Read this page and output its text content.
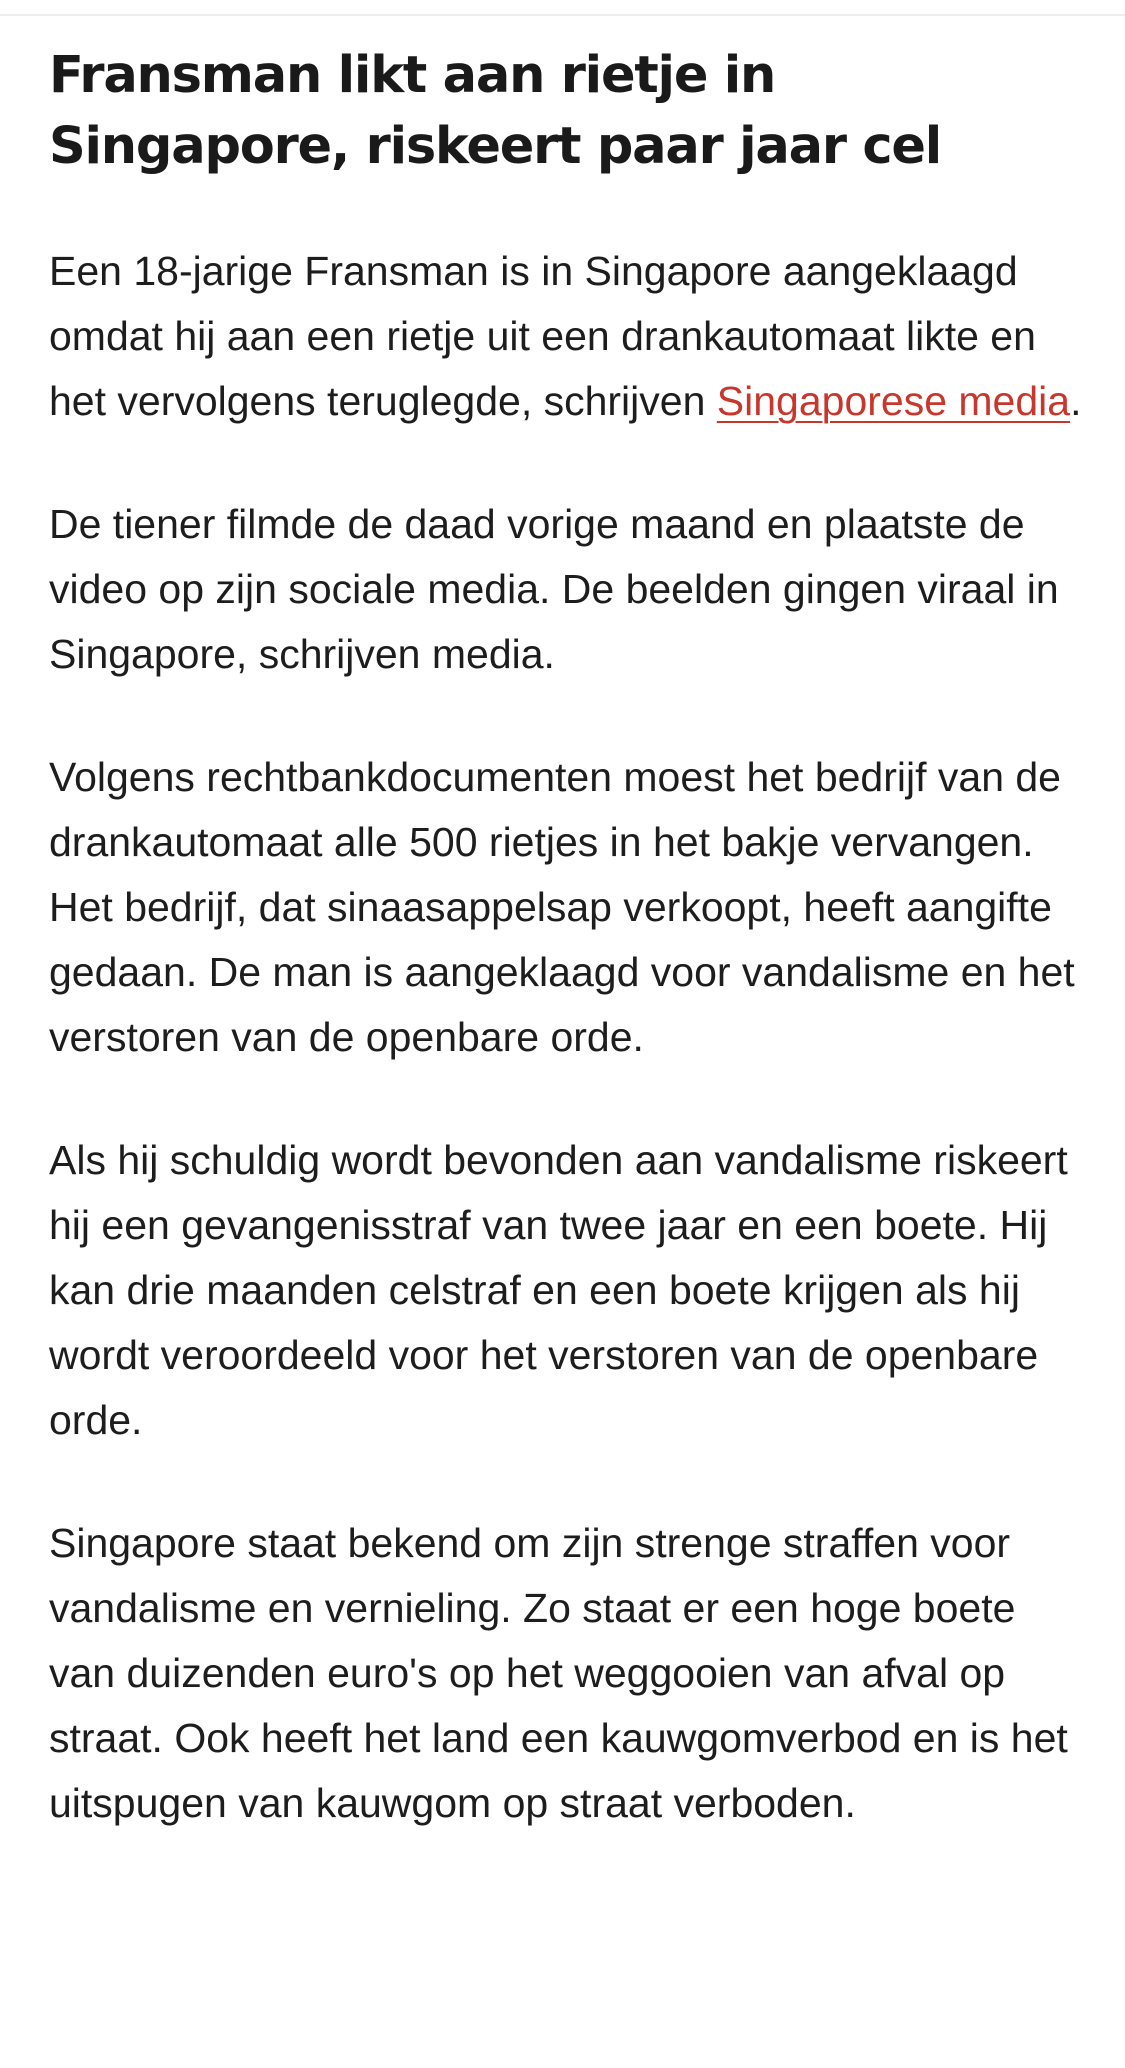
Fransman likt aan rietje in Singapore, riskeert paar jaar cel

Een 18-jarige Fransman is in Singapore aangeklaagd omdat hij aan een rietje uit een drankautomaat likte en het vervolgens teruglegde, schrijven Singaporese media.

De tiener filmde de daad vorige maand en plaatste de video op zijn sociale media. De beelden gingen viraal in Singapore, schrijven media.

Volgens rechtbankdocumenten moest het bedrijf van de drankautomaat alle 500 rietjes in het bakje vervangen. Het bedrijf, dat sinaasappelsap verkoopt, heeft aangifte gedaan. De man is aangeklaagd voor vandalisme en het verstoren van de openbare orde.

Als hij schuldig wordt bevonden aan vandalisme riskeert hij een gevangenisstraf van twee jaar en een boete. Hij kan drie maanden celstraf en een boete krijgen als hij wordt veroordeeld voor het verstoren van de openbare orde.

Singapore staat bekend om zijn strenge straffen voor vandalisme en vernieling. Zo staat er een hoge boete van duizenden euro's op het weggooien van afval op straat. Ook heeft het land een kauwgomverbod en is het uitspugen van kauwgom op straat verboden.
